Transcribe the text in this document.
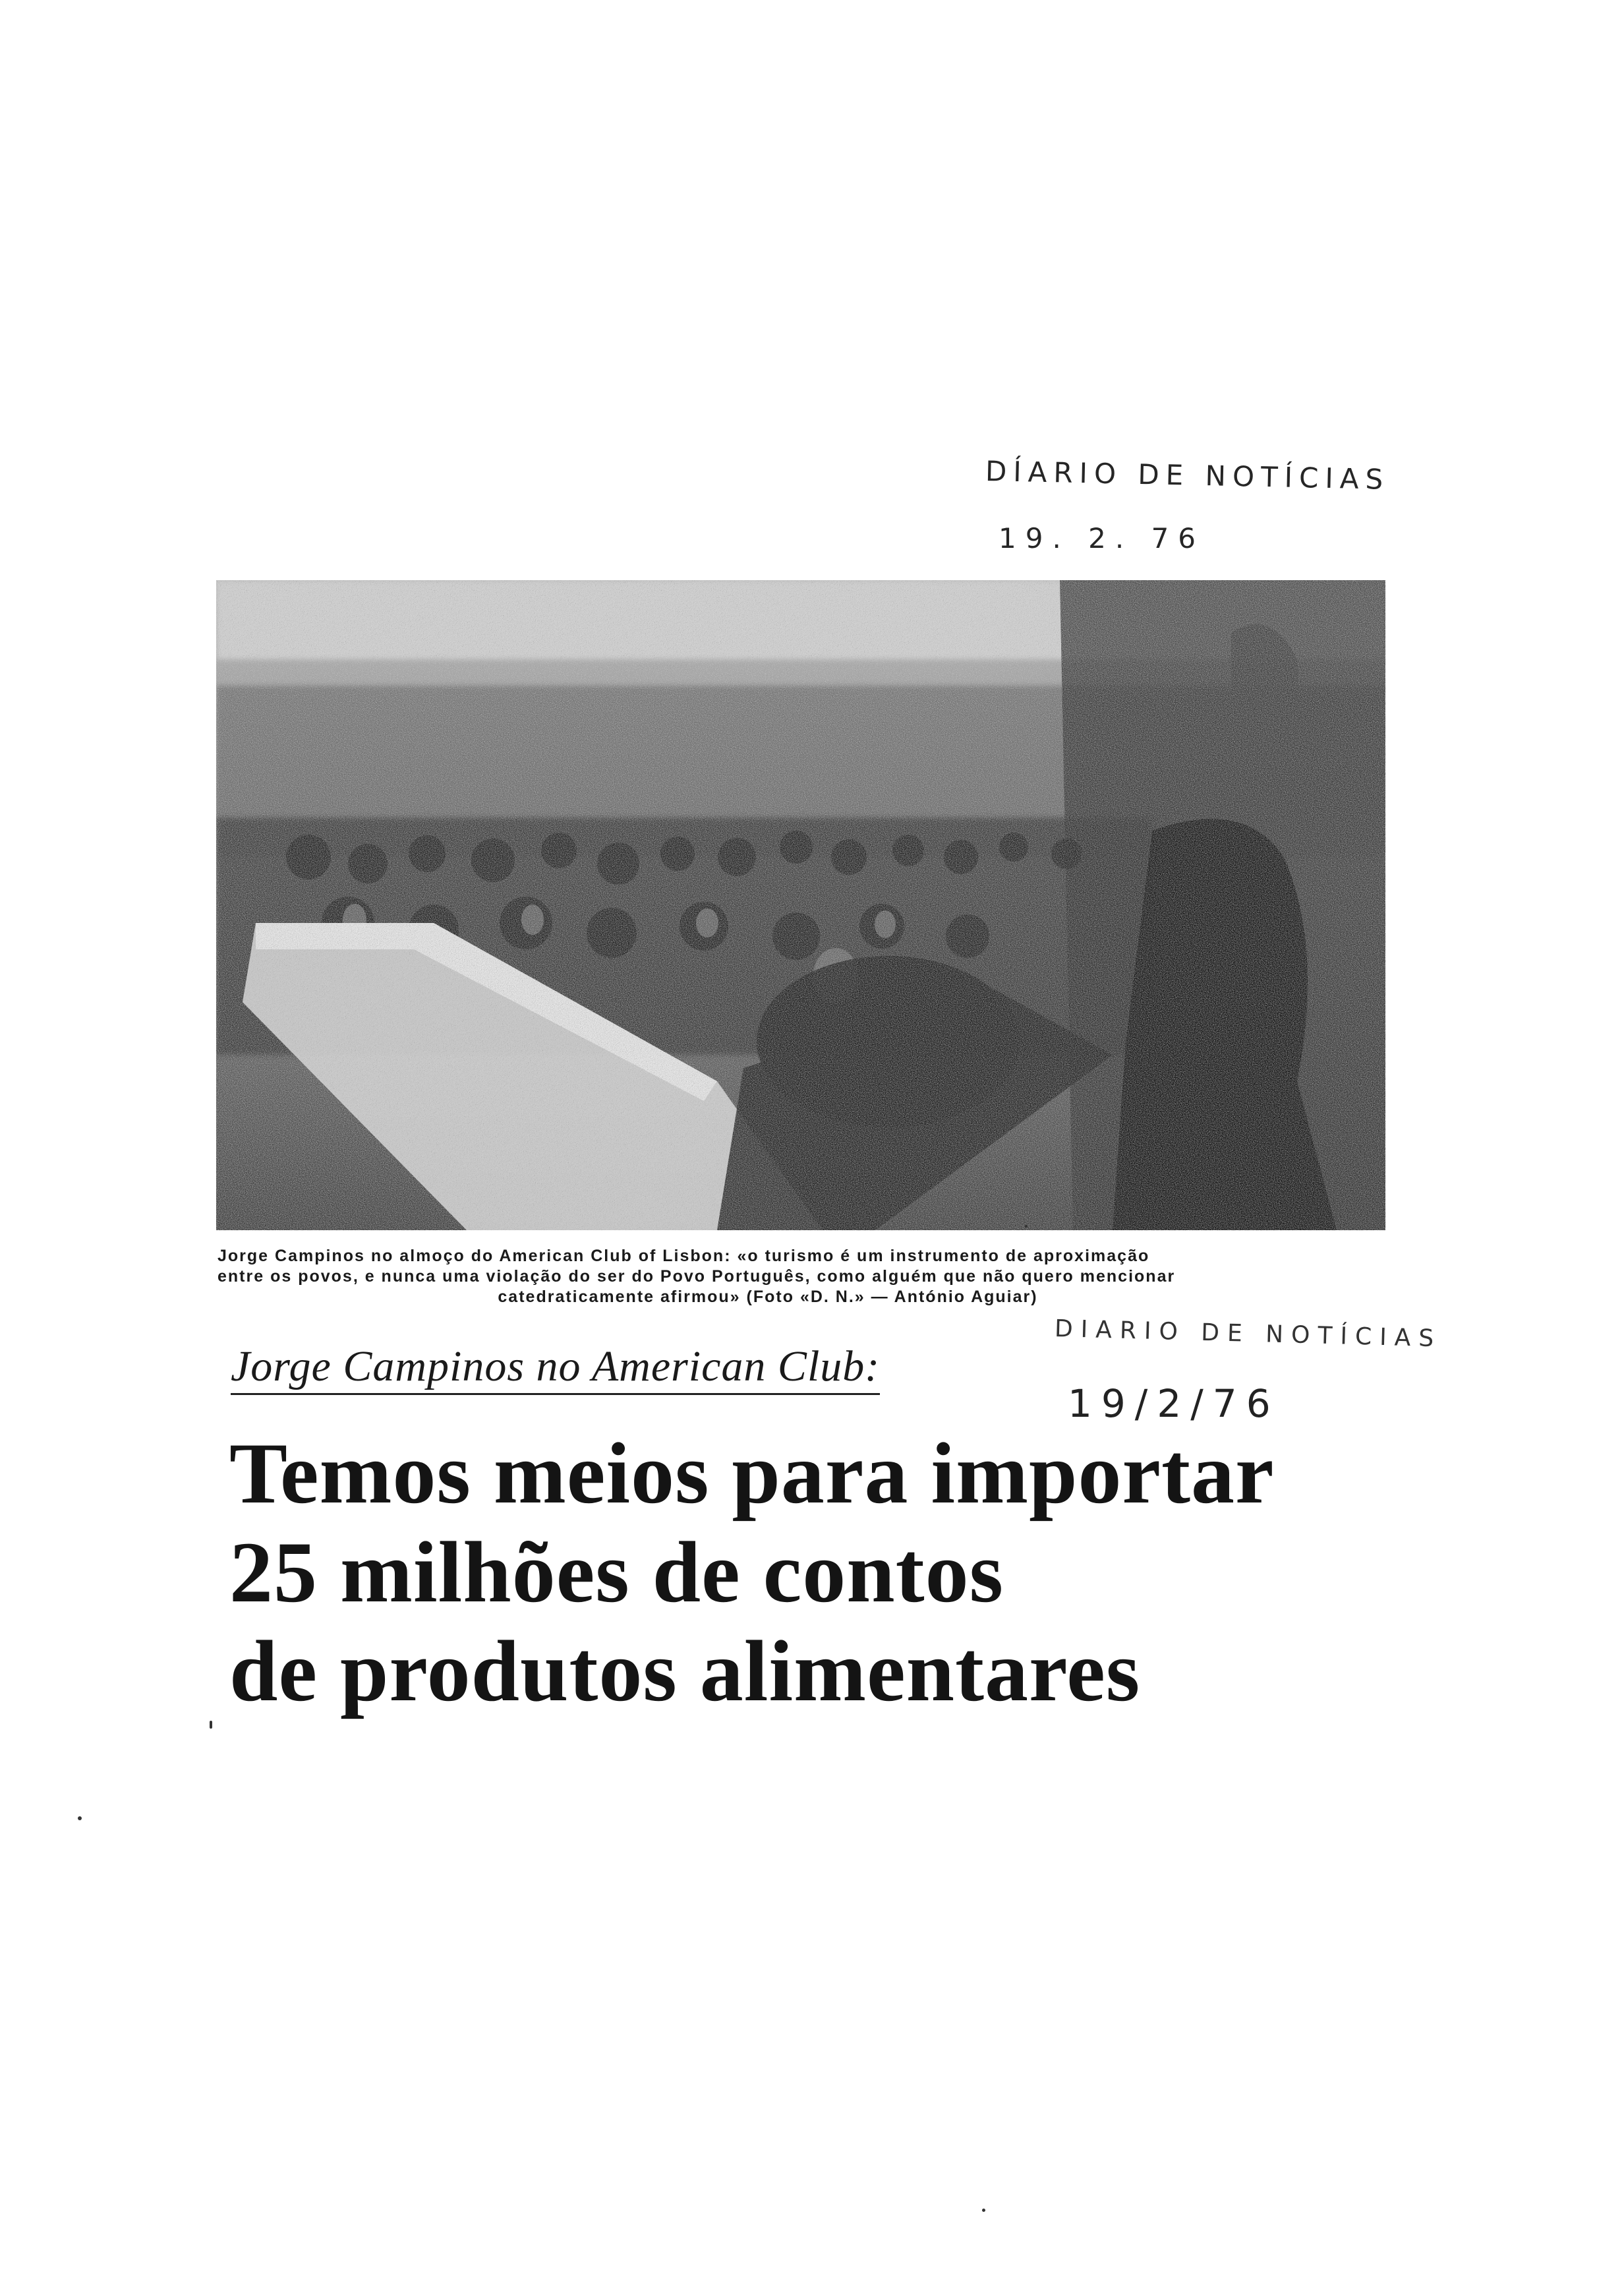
DÍARIO DE NOTÍCIAS
19. 2. 76
Jorge Campinos no almoço do American Club of Lisbon: «o turismo é um instrumento de aproximação
entre os povos, e nunca uma violação do ser do Povo Português, como alguém que não quero mencionar
catedraticamente afirmou» (Foto «D. N.» — António Aguiar)
DIARIO DE NOTÍCIAS
19/2/76
Jorge Campinos no American Club:
Temos meios para importar
25 milhões de contos
de produtos alimentares
